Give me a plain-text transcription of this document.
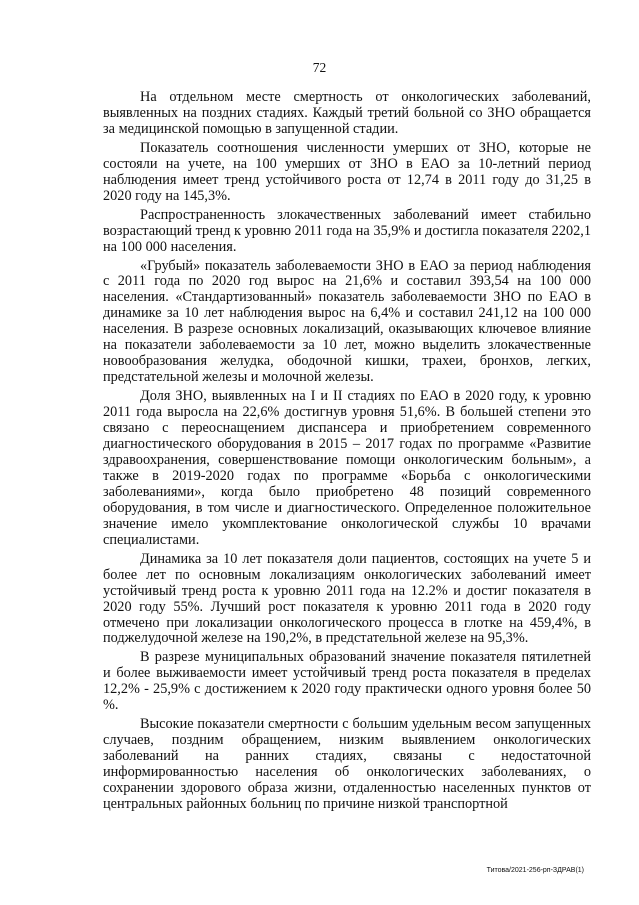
72

На отдельном месте смертность от онкологических заболеваний, выявленных на поздних стадиях. Каждый третий больной со ЗНО обращается за медицинской помощью в запущенной стадии.

Показатель соотношения численности умерших от ЗНО, которые не состояли на учете, на 100 умерших от ЗНО в ЕАО за 10-летний период наблюдения имеет тренд устойчивого роста от 12,74 в 2011 году до 31,25 в 2020 году на 145,3%.

Распространенность злокачественных заболеваний имеет стабильно возрастающий тренд к уровню 2011 года на 35,9% и достигла показателя 2202,1 на 100 000 населения.

«Грубый» показатель заболеваемости ЗНО в ЕАО за период наблюдения с 2011 года по 2020 год вырос на 21,6% и составил 393,54 на 100 000 населения. «Стандартизованный» показатель заболеваемости ЗНО по ЕАО в динамике за 10 лет наблюдения вырос на 6,4% и составил 241,12 на 100 000 населения. В разрезе основных локализаций, оказывающих ключевое влияние на показатели заболеваемости за 10 лет, можно выделить злокачественные новообразования желудка, ободочной кишки, трахеи, бронхов, легких, предстательной железы и молочной железы.

Доля ЗНО, выявленных на I и II стадиях по ЕАО в 2020 году, к уровню 2011 года выросла на 22,6% достигнув уровня 51,6%. В большей степени это связано с переоснащением диспансера и приобретением современного диагностического оборудования в 2015 – 2017 годах по программе «Развитие здравоохранения, совершенствование помощи онкологическим больным», а также в 2019-2020 годах по программе «Борьба с онкологическими заболеваниями», когда было приобретено 48 позиций современного оборудования, в том числе и диагностического. Определенное положительное значение имело укомплектование онкологической службы 10 врачами специалистами.

Динамика за 10 лет показателя доли пациентов, состоящих на учете 5 и более лет по основным локализациям онкологических заболеваний имеет устойчивый тренд роста к уровню 2011 года на 12.2% и достиг показателя в 2020 году 55%. Лучший рост показателя к уровню 2011 года в 2020 году отмечено при локализации онкологического процесса в глотке на 459,4%, в поджелудочной железе на 190,2%, в предстательной железе на 95,3%.

В разрезе муниципальных образований значение показателя пятилетней и более выживаемости имеет устойчивый тренд роста показателя в пределах 12,2% - 25,9% с достижением к 2020 году практически одного уровня более 50 %.

Высокие показатели смертности с большим удельным весом запущенных случаев, поздним обращением, низким выявлением онкологических заболеваний на ранних стадиях, связаны с недостаточной информированностью населения об онкологических заболеваниях, о сохранении здорового образа жизни, отдаленностью населенных пунктов от центральных районных больниц по причине низкой транспортной

Титова/2021-256-рп-ЗДРАВ(1)
